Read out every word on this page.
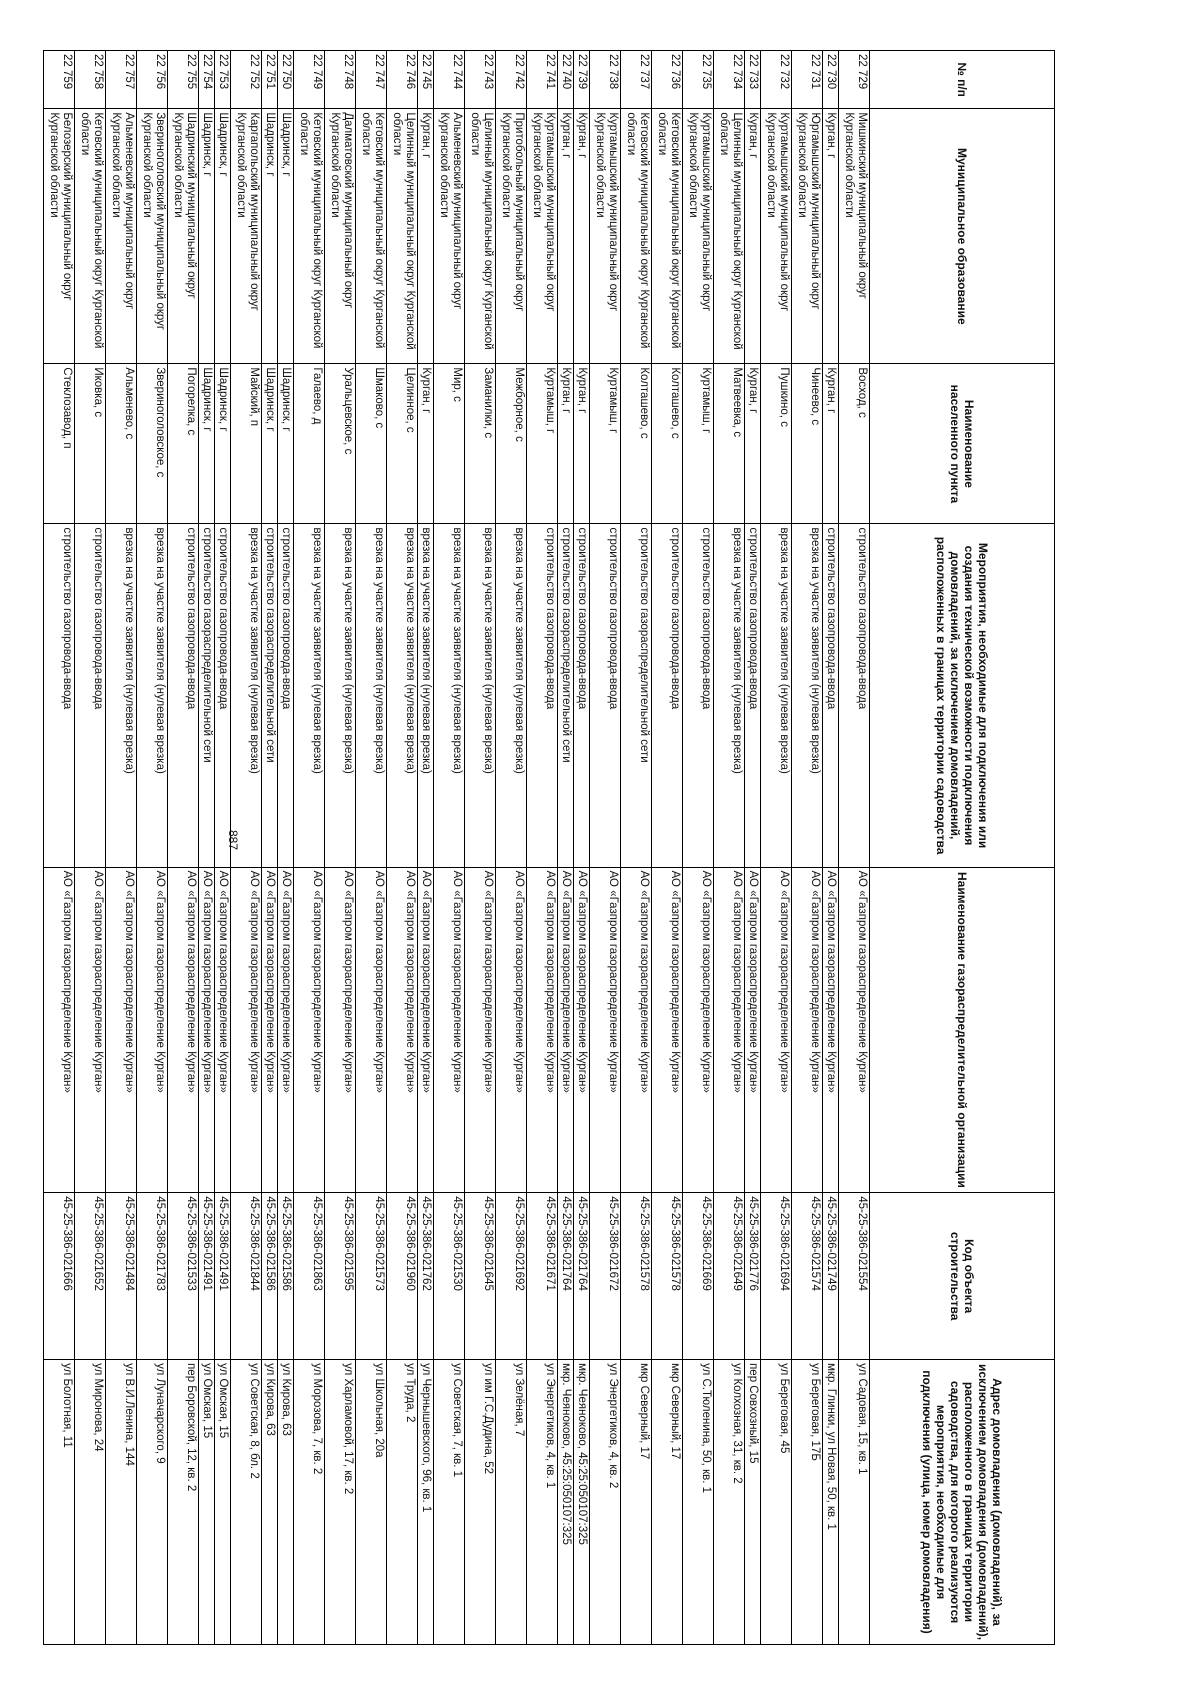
887
№ п/п	Муниципальное образование	Наименование населенного пункта	Мероприятия, необходимые для подключения или создания технической возможности подключения домовладений, за исключением домовладений, расположенных в границах территории садоводства	Наименование газораспределительной организации	Код объекта строительства	Адрес домовладения (домовладений), за исключением домовладения (домовладений), расположенного в границах территории садоводства, для которого реализуются мероприятия, необходимые для подключения (улица, номер домовладения)
22 729	Мишкинский муниципальный округ Курганской области	Восход, с	строительство газопровода-ввода	АО «Газпром газораспределение Курган»	45-25-386-021554	ул Садовая, 15, кв. 1
22 730	Курган, г	Курган, г	строительство газопровода-ввода	АО «Газпром газораспределение Курган»	45-25-386-021749	мкр. Глинки, ул Новая, 50, кв. 1
22 731	Юргамышский муниципальный округ Курганской области	Чинеево, с	врезка на участке заявителя (нулевая врезка)	АО «Газпром газораспределение Курган»	45-25-386-021574	ул Береговая, 17Б
22 732	Куртамышский муниципальный округ Курганской области	Пушкино, с	врезка на участке заявителя (нулевая врезка)	АО «Газпром газораспределение Курган»	45-25-386-021694	ул Береговая, 45
22 733	Курган, г	Курган, г	строительство газопровода-ввода	АО «Газпром газораспределение Курган»	45-25-386-021776	пер Совхозный, 15
22 734	Целинный муниципальный округ Курганской области	Матвеевка, с	врезка на участке заявителя (нулевая врезка)	АО «Газпром газораспределение Курган»	45-25-386-021649	ул Колхозная, 31, кв. 2
22 735	Куртамышский муниципальный округ Курганской области	Куртамыш, г	строительство газопровода-ввода	АО «Газпром газораспределение Курган»	45-25-386-021669	ул С.Тюленина, 50, кв. 1
22 736	Кетовский муниципальный округ Курганской области	Колташево, с	строительство газопровода-ввода	АО «Газпром газораспределение Курган»	45-25-386-021578	мкр Северный, 17
22 737	Кетовский муниципальный округ Курганской области	Колташево, с	строительство газораспределительной сети	АО «Газпром газораспределение Курган»	45-25-386-021578	мкр Северный, 17
22 738	Куртамышский муниципальный округ Курганской области	Куртамыш, г	строительство газопровода-ввода	АО «Газпром газораспределение Курган»	45-25-386-021672	ул Энергетиков, 4, кв. 2
22 739	Курган, г	Курган, г	строительство газопровода-ввода	АО «Газпром газораспределение Курган»	45-25-386-021764	мкр. Чеяноково, 45:25:050107:325
22 740	Курган, г	Курган, г	строительство газораспределительной сети	АО «Газпром газораспределение Курган»	45-25-386-021764	мкр. Чеяноково, 45:25:050107:325
22 741	Куртамышский муниципальный округ Курганской области	Куртамыш, г	строительство газопровода-ввода	АО «Газпром газораспределение Курган»	45-25-386-021671	ул Энергетиков, 4, кв. 1
22 742	Притобольный муниципальный округ Курганской области	Межборное, с	врезка на участке заявителя (нулевая врезка)	АО «Газпром газораспределение Курган»	45-25-386-021692	ул Зелёная, 7
22 743	Целинный муниципальный округ Курганской области	Заманилки, с	врезка на участке заявителя (нулевая врезка)	АО «Газпром газораспределение Курган»	45-25-386-021645	ул им Г.С.Дудина, 52
22 744	Альменевский муниципальный округ Курганской области	Мир, с	врезка на участке заявителя (нулевая врезка)	АО «Газпром газораспределение Курган»	45-25-386-021530	ул Советская, 7, кв. 1
22 745	Курган, г	Курган, г	врезка на участке заявителя (нулевая врезка)	АО «Газпром газораспределение Курган»	45-25-386-021762	ул Чернышевского, 96, кв. 1
22 746	Целинный муниципальный округ Курганской области	Целинное, с	врезка на участке заявителя (нулевая врезка)	АО «Газпром газораспределение Курган»	45-25-386-021960	ул Труда, 2
22 747	Кетовский муниципальный округ Курганской области	Шмаково, с	врезка на участке заявителя (нулевая врезка)	АО «Газпром газораспределение Курган»	45-25-386-021573	ул Школьная, 20а
22 748	Далматовский муниципальный округ Курганской области	Уральцевское, с	врезка на участке заявителя (нулевая врезка)	АО «Газпром газораспределение Курган»	45-25-386-021595	ул Харламовой, 17, кв. 2
22 749	Кетовский муниципальный округ Курганской области	Галаево, д	врезка на участке заявителя (нулевая врезка)	АО «Газпром газораспределение Курган»	45-25-386-021863	ул Морозова, 7, кв. 2
22 750	Шадринск, г	Шадринск, г	строительство газопровода-ввода	АО «Газпром газораспределение Курган»	45-25-386-021586	ул Кирова, 63
22 751	Шадринск, г	Шадринск, г	строительство газораспределительной сети	АО «Газпром газораспределение Курган»	45-25-386-021586	ул Кирова, 63
22 752	Каргапольский муниципальный округ Курганской области	Майский, п	врезка на участке заявителя (нулевая врезка)	АО «Газпром газораспределение Курган»	45-25-386-021844	ул Советская, 8, бл. 2
22 753	Шадринск, г	Шадринск, г	строительство газопровода-ввода	АО «Газпром газораспределение Курган»	45-25-386-021491	ул Омская, 15
22 754	Шадринск, г	Шадринск, г	строительство газораспределительной сети	АО «Газпром газораспределение Курган»	45-25-386-021491	ул Омская, 15
22 755	Шадринский муниципальный округ Курганской области	Погорелка, с	строительство газопровода-ввода	АО «Газпром газораспределение Курган»	45-25-386-021533	пер Боровской, 12, кв. 2
22 756	Звериноголовский муниципальный округ Курганской области	Звериноголовское, с	врезка на участке заявителя (нулевая врезка)	АО «Газпром газораспределение Курган»	45-25-386-021783	ул Луначарского, 9
22 757	Альменевский муниципальный округ Курганской области	Альменево, с	врезка на участке заявителя (нулевая врезка)	АО «Газпром газораспределение Курган»	45-25-386-021484	ул В.И.Ленина, 144
22 758	Кетовский муниципальный округ Курганской области	Иковка, с	строительство газопровода-ввода	АО «Газпром газораспределение Курган»	45-25-386-021652	ул Миронова, 24
22 759	Белозерский муниципальный округ Курганской области	Стеклозавод, п	строительство газопровода-ввода	АО «Газпром газораспределение Курган»	45-25-386-021666	ул Болотная, 11
